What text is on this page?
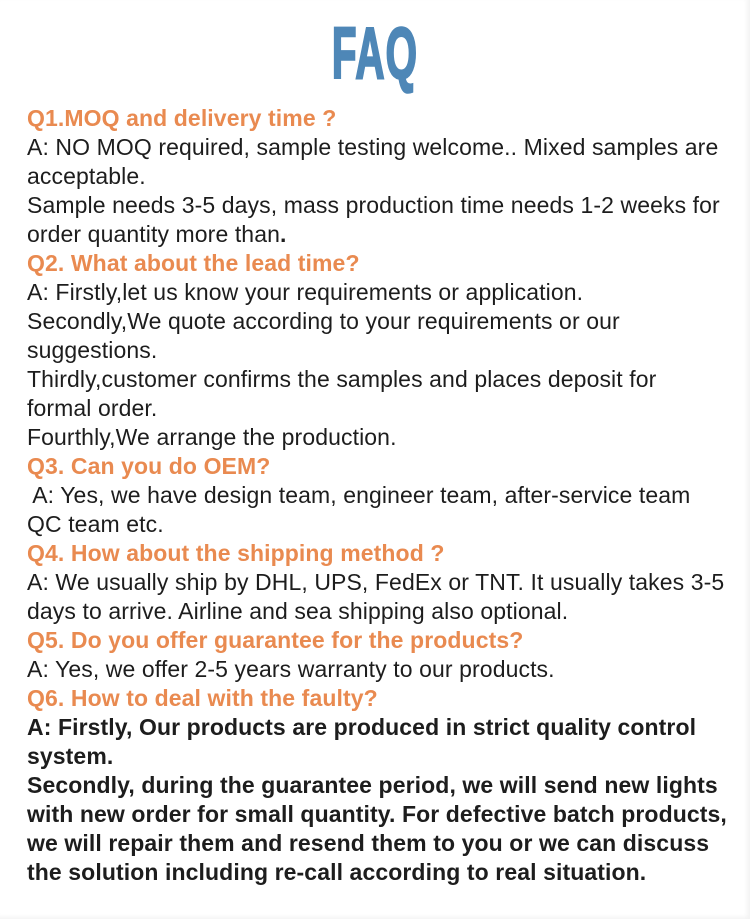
FAQ
Q1.MOQ and delivery time ?
A: NO MOQ required, sample testing welcome.. Mixed samples are
acceptable.
Sample needs 3-5 days, mass production time needs 1-2 weeks for
order quantity more than.
Q2. What about the lead time?
A: Firstly,let us know your requirements or application.
Secondly,We quote according to your requirements or our
suggestions.
Thirdly,customer confirms the samples and places deposit for
formal order.
Fourthly,We arrange the production.
Q3. Can you do OEM?
A: Yes, we have design team, engineer team, after-service team
QC team etc.
Q4. How about the shipping method ?
A: We usually ship by DHL, UPS, FedEx or TNT. It usually takes 3-5
days to arrive. Airline and sea shipping also optional.
Q5. Do you offer guarantee for the products?
A: Yes, we offer 2-5 years warranty to our products.
Q6. How to deal with the faulty?
A: Firstly, Our products are produced in strict quality control
system.
Secondly, during the guarantee period, we will send new lights
with new order for small quantity. For defective batch products,
we will repair them and resend them to you or we can discuss
the solution including re-call according to real situation.
